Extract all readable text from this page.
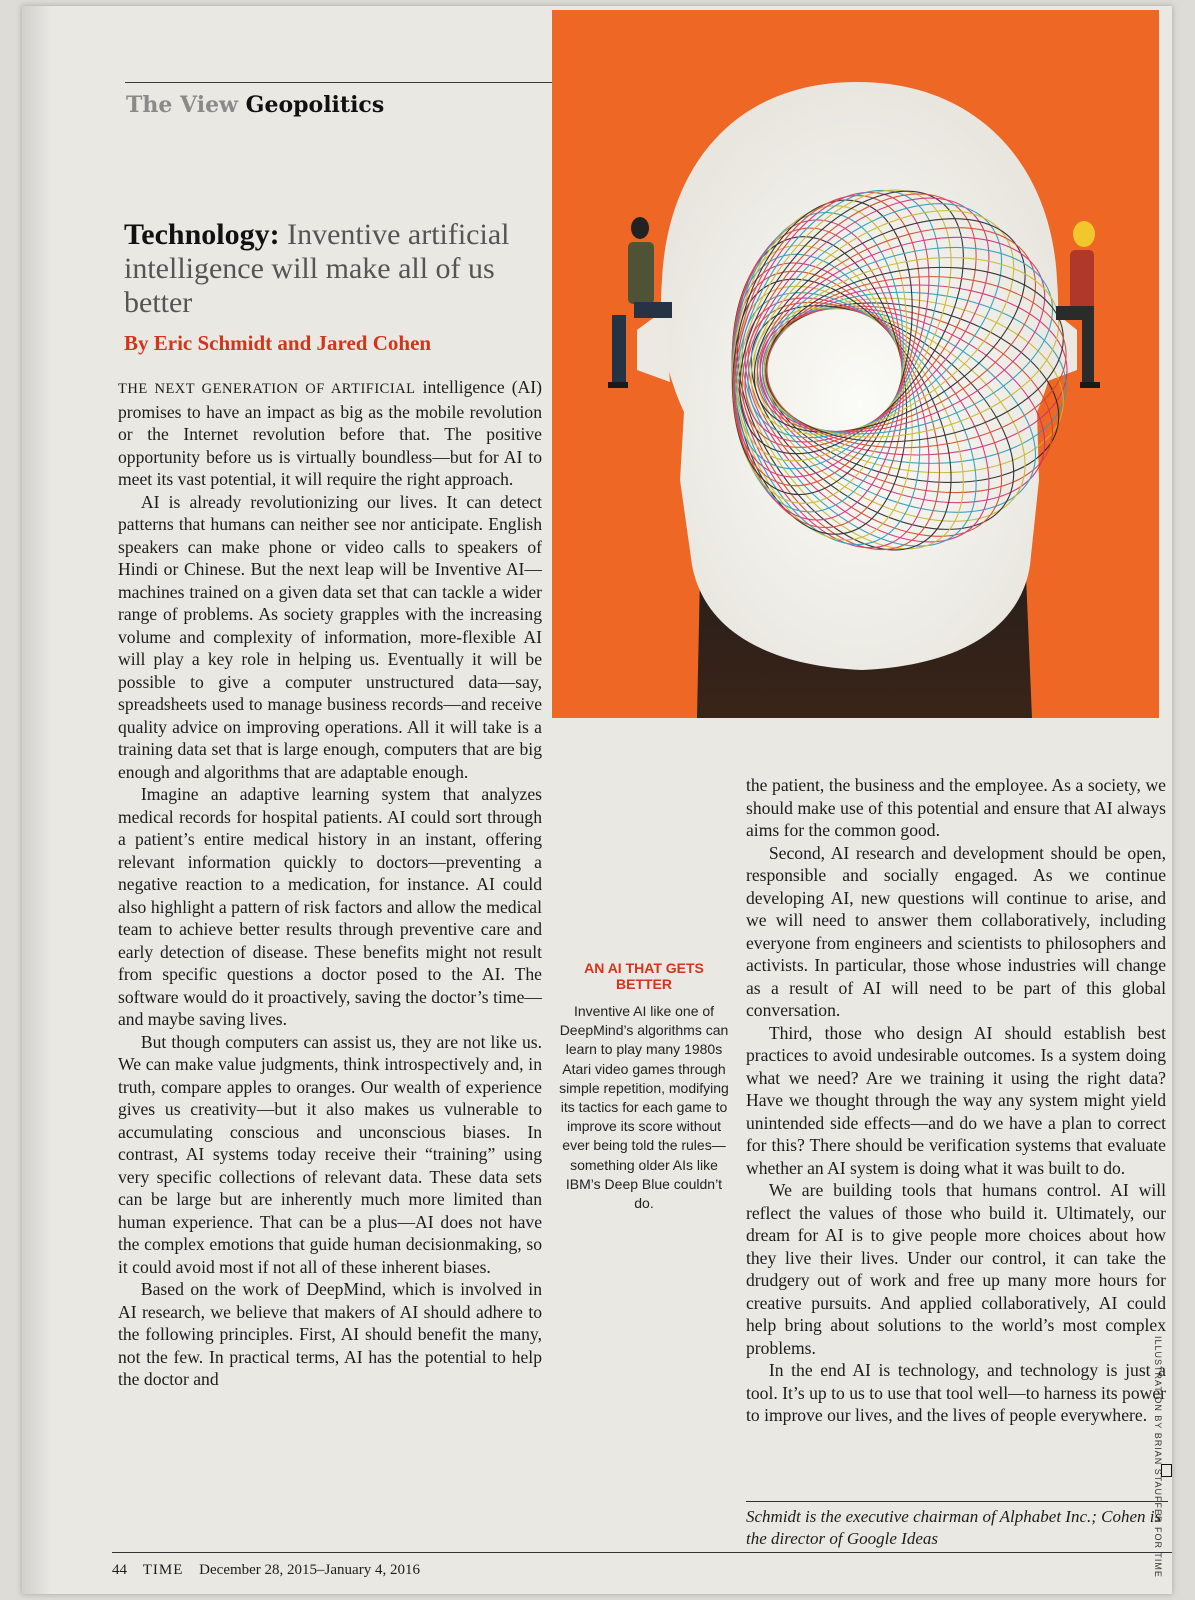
The View Geopolitics
Technology: Inventive artificial intelligence will make all of us better
By Eric Schmidt and Jared Cohen

THE NEXT GENERATION OF ARTIFICIAL intelligence (AI) promises to have an impact as big as the mobile revolution or the Internet revolution before that. The positive opportunity before us is virtually boundless—but for AI to meet its vast potential, it will require the right approach.

AI is already revolutionizing our lives. It can detect patterns that humans can neither see nor anticipate. English speakers can make phone or video calls to speakers of Hindi or Chinese. But the next leap will be Inventive AI—machines trained on a given data set that can tackle a wider range of problems. As society grapples with the increasing volume and complexity of information, more-flexible AI will play a key role in helping us. Eventually it will be possible to give a computer unstructured data—say, spreadsheets used to manage business records—and receive quality advice on improving operations. All it will take is a training data set that is large enough, computers that are big enough and algorithms that are adaptable enough.

Imagine an adaptive learning system that analyzes medical records for hospital patients. AI could sort through a patient’s entire medical history in an instant, offering relevant information quickly to doctors—preventing a negative reaction to a medication, for instance. AI could also highlight a pattern of risk factors and allow the medical team to achieve better results through preventive care and early detection of disease. These benefits might not result from specific questions a doctor posed to the AI. The software would do it proactively, saving the doctor’s time—and maybe saving lives.

But though computers can assist us, they are not like us. We can make value judgments, think introspectively and, in truth, compare apples to oranges. Our wealth of experience gives us creativity—but it also makes us vulnerable to accumulating conscious and unconscious biases. In contrast, AI systems today receive their “training” using very specific collections of relevant data. These data sets can be large but are inherently much more limited than human experience. That can be a plus—AI does not have the complex emotions that guide human decisionmaking, so it could avoid most if not all of these inherent biases.

Based on the work of DeepMind, which is involved in AI research, we believe that makers of AI should adhere to the following principles. First, AI should benefit the many, not the few. In practical terms, AI has the potential to help the doctor and

the patient, the business and the employee. As a society, we should make use of this potential and ensure that AI always aims for the common good.

Second, AI research and development should be open, responsible and socially engaged. As we continue developing AI, new questions will continue to arise, and we will need to answer them collaboratively, including everyone from engineers and scientists to philosophers and activists. In particular, those whose industries will change as a result of AI will need to be part of this global conversation.

Third, those who design AI should establish best practices to avoid undesirable outcomes. Is a system doing what we need? Are we training it using the right data? Have we thought through the way any system might yield unintended side effects—and do we have a plan to correct for this? There should be verification systems that evaluate whether an AI system is doing what it was built to do.

We are building tools that humans control. AI will reflect the values of those who build it. Ultimately, our dream for AI is to give people more choices about how they live their lives. Under our control, it can take the drudgery out of work and free up many more hours for creative pursuits. And applied collaboratively, AI could help bring about solutions to the world’s most complex problems.

In the end AI is technology, and technology is just a tool. It’s up to us to use that tool well—to harness its power to improve our lives, and the lives of people everywhere.

AN AI THAT GETS BETTER
Inventive AI like one of DeepMind’s algorithms can learn to play many 1980s Atari video games through simple repetition, modifying its tactics for each game to improve its score without ever being told the rules—something older AIs like IBM’s Deep Blue couldn’t do.
Schmidt is the executive chairman of Alphabet Inc.; Cohen is the director of Google Ideas
44 TIME December 28, 2015–January 4, 2016	ILLUSTRATION BY BRIAN STAUFFER FOR TIME
